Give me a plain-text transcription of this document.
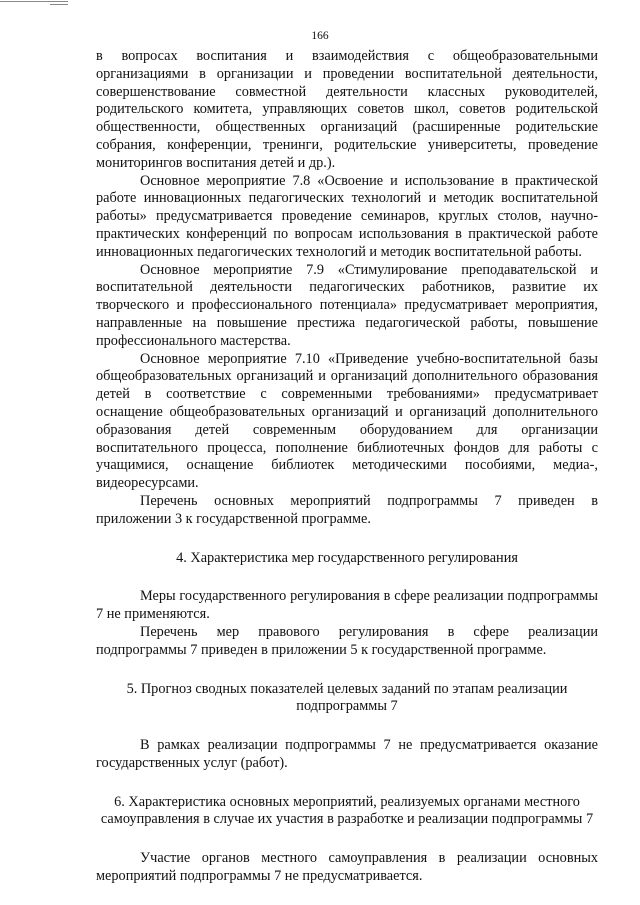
166

в вопросах воспитания и взаимодействия с общеобразовательными организациями в организации и проведении воспитательной деятельности, совершенствование совместной деятельности классных руководителей, родительского комитета, управляющих советов школ, советов родительской общественности, общественных организаций (расширенные родительские собрания, конференции, тренинги, родительские университеты, проведение мониторингов воспитания детей и др.).

Основное мероприятие 7.8 «Освоение и использование в практической работе инновационных педагогических технологий и методик воспитательной работы» предусматривается проведение семинаров, круглых столов, научно-практических конференций по вопросам использования в практической работе инновационных педагогических технологий и методик воспитательной работы.

Основное мероприятие 7.9 «Стимулирование преподавательской и воспитательной деятельности педагогических работников, развитие их творческого и профессионального потенциала» предусматривает мероприятия, направленные на повышение престижа педагогической работы, повышение профессионального мастерства.

Основное мероприятие 7.10 «Приведение учебно-воспитательной базы общеобразовательных организаций и организаций дополнительного образования детей в соответствие с современными требованиями» предусматривает оснащение общеобразовательных организаций и организаций дополнительного образования детей современным оборудованием для организации воспитательного процесса, пополнение библиотечных фондов для работы с учащимися, оснащение библиотек методическими пособиями, медиа-, видеоресурсами.

Перечень основных мероприятий подпрограммы 7 приведен в приложении 3 к государственной программе.

4. Характеристика мер государственного регулирования

Меры государственного регулирования в сфере реализации подпрограммы 7 не применяются.

Перечень мер правового регулирования в сфере реализации подпрограммы 7 приведен в приложении 5 к государственной программе.

5. Прогноз сводных показателей целевых заданий по этапам реализации

подпрограммы 7

В рамках реализации подпрограммы 7 не предусматривается оказание государственных услуг (работ).

6. Характеристика основных мероприятий, реализуемых органами местного

самоуправления в случае их участия в разработке и реализации подпрограммы 7

Участие органов местного самоуправления в реализации основных мероприятий подпрограммы 7 не предусматривается.
